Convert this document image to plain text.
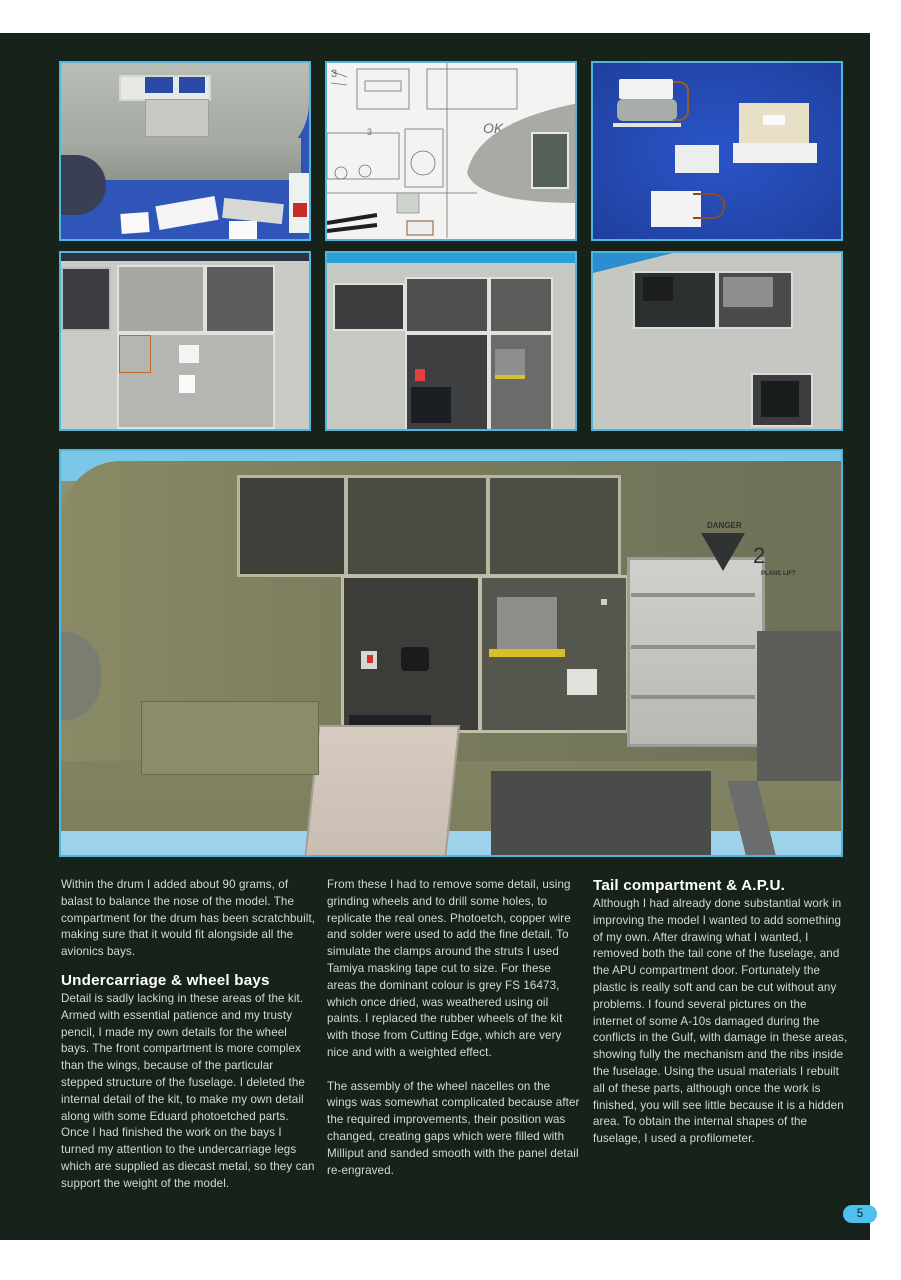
3
3	OK
DANGER
2
PLANE LIFT

Within the drum I added about 90 grams, of balast to balance the nose of the model. The compartment for the drum has been scratchbuilt, making sure that it would fit alongside all the avionics bays.

Undercarriage & wheel bays

Detail is sadly lacking in these areas of the kit. Armed with essential patience and my trusty pencil, I made my own details for the wheel bays. The front compartment is more complex than the wings, because of the particular stepped structure of the fuselage. I deleted the internal detail of the kit, to make my own detail along with some Eduard photoetched parts. Once I had finished the work on the bays I turned my attention to the undercarriage legs which are supplied as diecast metal, so they can support the weight of the model.

From these I had to remove some detail, using grinding wheels and to drill some holes, to replicate the real ones. Photoetch, copper wire and solder were used to add the fine detail. To simulate the clamps around the struts I used Tamiya masking tape cut to size. For these areas the dominant colour is grey FS 16473, which once dried, was weathered using oil paints. I replaced the rubber wheels of the kit with those from Cutting Edge, which are very nice and with a weighted effect.

The assembly of the wheel nacelles on the wings was somewhat complicated because after the required improvements, their position was changed, creating gaps which were filled with Milliput and sanded smooth with the panel detail re-engraved.

Tail compartment & A.P.U.

Although I had already done substantial work in improving the model I wanted to add something of my own. After drawing what I wanted, I removed both the tail cone of the fuselage, and the APU compartment door. Fortunately the plastic is really soft and can be cut without any problems. I found several pictures on the internet of some A-10s damaged during the conflicts in the Gulf, with damage in these areas, showing fully the mechanism and the ribs inside the fuselage. Using the usual materials I rebuilt all of these parts, although once the work is finished, you will see little because it is a hidden area. To obtain the internal shapes of the fuselage, I used a profilometer.

5
